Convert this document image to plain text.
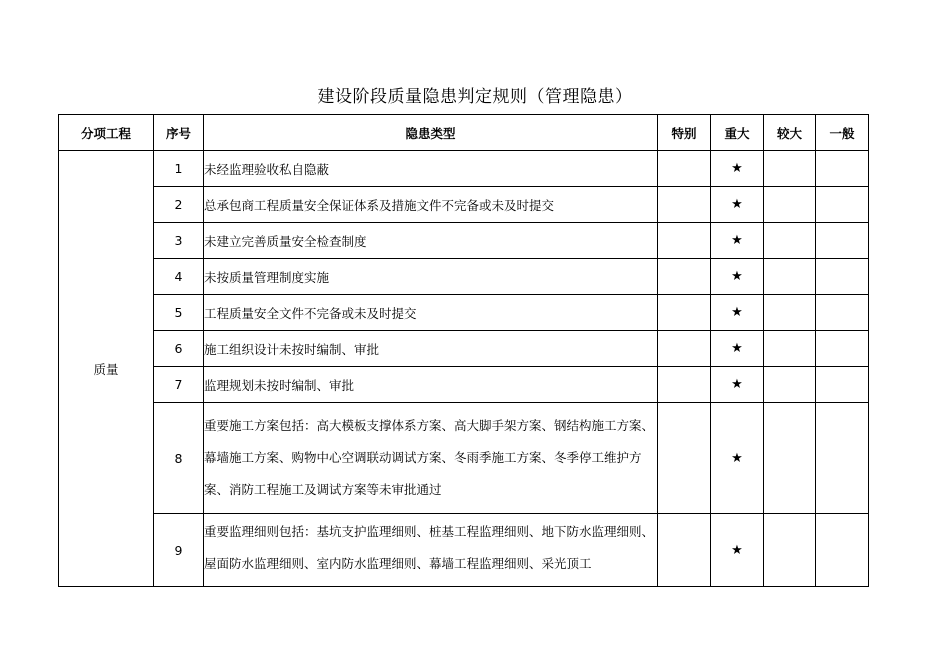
建设阶段质量隐患判定规则（管理隐患）
分项工程	序号	隐患类型	特别	重大	较大	一般
质量	1	未经监理验收私自隐蔽		★		
	2	总承包商工程质量安全保证体系及措施文件不完备或未及时提交		★		
	3	未建立完善质量安全检查制度		★		
	4	未按质量管理制度实施		★		
	5	工程质量安全文件不完备或未及时提交		★		
	6	施工组织设计未按时编制、审批		★		
	7	监理规划未按时编制、审批		★		
	8	重要施工方案包括：高大模板支撑体系方案、高大脚手架方案、钢结构施工方案、幕墙施工方案、购物中心空调联动调试方案、冬雨季施工方案、冬季停工维护方案、消防工程施工及调试方案等未审批通过		★		
	9	重要监理细则包括：基坑支护监理细则、桩基工程监理细则、地下防水监理细则、屋面防水监理细则、室内防水监理细则、幕墙工程监理细则、采光顶工		★		
